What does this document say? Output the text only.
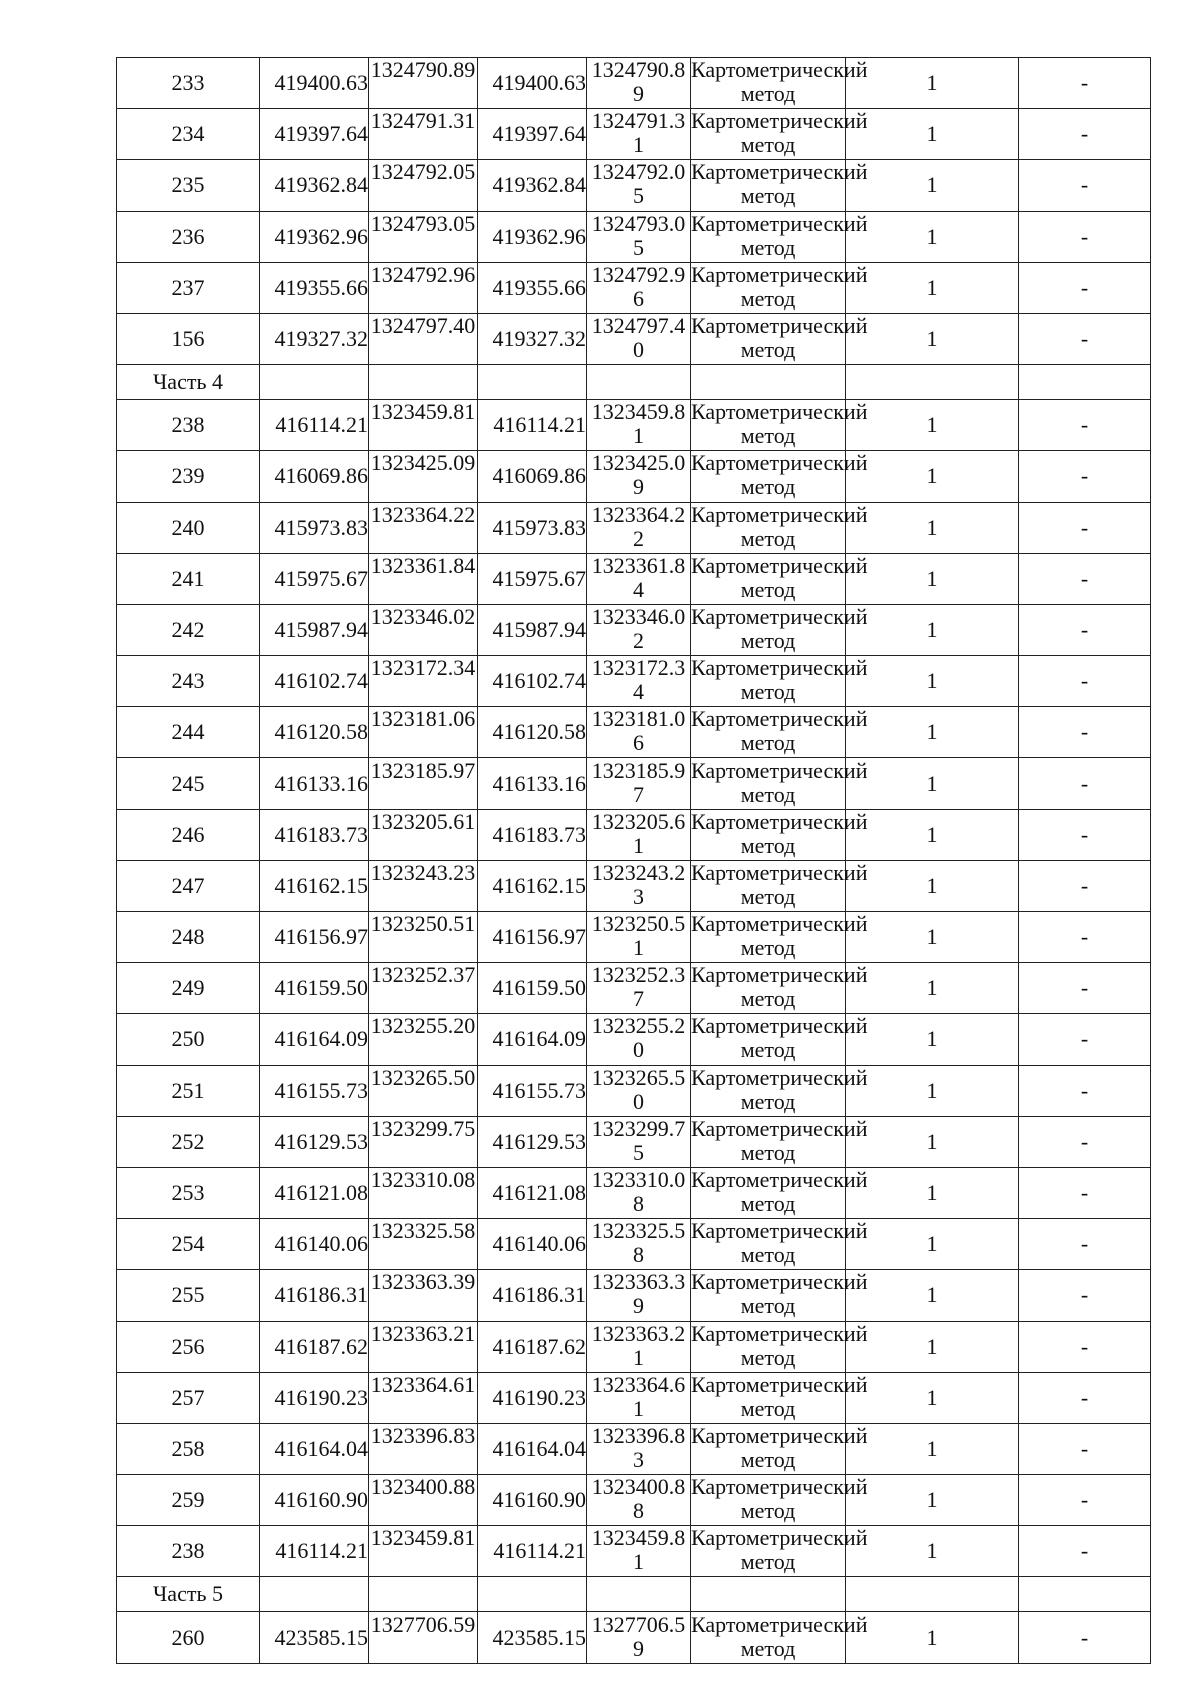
233	419400.63	1324790.89	419400.63	1324790.89	Картометрический метод	1	-
234	419397.64	1324791.31	419397.64	1324791.31	Картометрический метод	1	-
235	419362.84	1324792.05	419362.84	1324792.05	Картометрический метод	1	-
236	419362.96	1324793.05	419362.96	1324793.05	Картометрический метод	1	-
237	419355.66	1324792.96	419355.66	1324792.96	Картометрический метод	1	-
156	419327.32	1324797.40	419327.32	1324797.40	Картометрический метод	1	-
Часть 4							
238	416114.21	1323459.81	416114.21	1323459.81	Картометрический метод	1	-
239	416069.86	1323425.09	416069.86	1323425.09	Картометрический метод	1	-
240	415973.83	1323364.22	415973.83	1323364.22	Картометрический метод	1	-
241	415975.67	1323361.84	415975.67	1323361.84	Картометрический метод	1	-
242	415987.94	1323346.02	415987.94	1323346.02	Картометрический метод	1	-
243	416102.74	1323172.34	416102.74	1323172.34	Картометрический метод	1	-
244	416120.58	1323181.06	416120.58	1323181.06	Картометрический метод	1	-
245	416133.16	1323185.97	416133.16	1323185.97	Картометрический метод	1	-
246	416183.73	1323205.61	416183.73	1323205.61	Картометрический метод	1	-
247	416162.15	1323243.23	416162.15	1323243.23	Картометрический метод	1	-
248	416156.97	1323250.51	416156.97	1323250.51	Картометрический метод	1	-
249	416159.50	1323252.37	416159.50	1323252.37	Картометрический метод	1	-
250	416164.09	1323255.20	416164.09	1323255.20	Картометрический метод	1	-
251	416155.73	1323265.50	416155.73	1323265.50	Картометрический метод	1	-
252	416129.53	1323299.75	416129.53	1323299.75	Картометрический метод	1	-
253	416121.08	1323310.08	416121.08	1323310.08	Картометрический метод	1	-
254	416140.06	1323325.58	416140.06	1323325.58	Картометрический метод	1	-
255	416186.31	1323363.39	416186.31	1323363.39	Картометрический метод	1	-
256	416187.62	1323363.21	416187.62	1323363.21	Картометрический метод	1	-
257	416190.23	1323364.61	416190.23	1323364.61	Картометрический метод	1	-
258	416164.04	1323396.83	416164.04	1323396.83	Картометрический метод	1	-
259	416160.90	1323400.88	416160.90	1323400.88	Картометрический метод	1	-
238	416114.21	1323459.81	416114.21	1323459.81	Картометрический метод	1	-
Часть 5							
260	423585.15	1327706.59	423585.15	1327706.59	Картометрический метод	1	-
